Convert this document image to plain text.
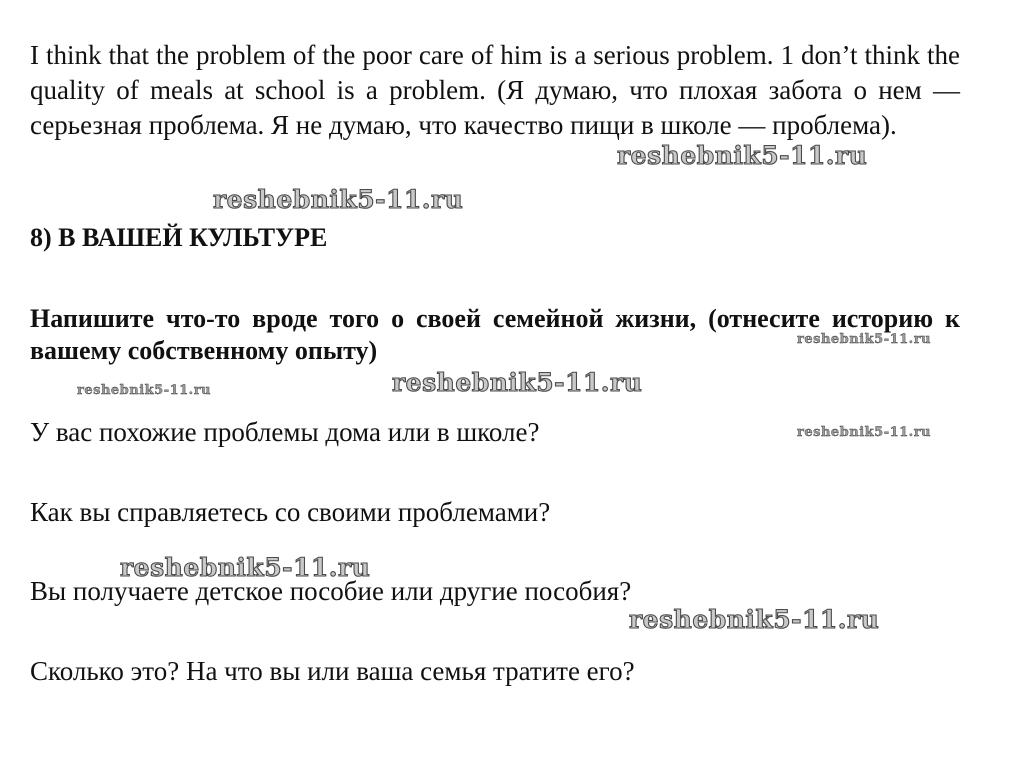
I think that the problem of the poor care of him is a serious problem. 1 don’t think the quality of meals at school is a problem. (Я думаю, что плохая забота о нем — серьезная проблема. Я не думаю, что качество пищи в школе — проблема).

8) В ВАШЕЙ КУЛЬТУРЕ

Напишите что-то вроде того о своей семейной жизни, (отнесите историю к вашему собственному опыту)

У вас похожие проблемы дома или в школе?
Как вы справляетесь со своими проблемами?
Вы получаете детское пособие или другие пособия?
Сколько это? На что вы или ваша семья тратите его?
reshebnik5-11.ru
reshebnik5-11.ru
reshebnik5-11.ru
reshebnik5-11.ru
reshebnik5-11.ru
reshebnik5-11.ru
reshebnik5-11.ru
reshebnik5-11.ru
